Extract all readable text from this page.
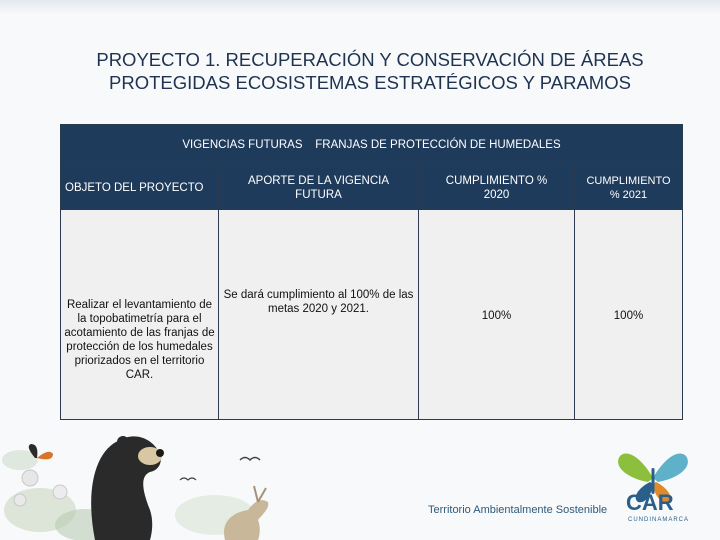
PROYECTO 1. RECUPERACIÓN Y CONSERVACIÓN DE ÁREAS
PROTEGIDAS ECOSISTEMAS ESTRATÉGICOS Y PARAMOS
VIGENCIAS FUTURAS    FRANJAS DE PROTECCIÓN DE HUMEDALES
OBJETO DEL PROYECTO
APORTE DE LA VIGENCIA FUTURA
CUMPLIMIENTO % 2020
CUMPLIMIENTO % 2021
Realizar el levantamiento de la topobatimetría para el acotamiento de las franjas de protección de los humedales priorizados en el territorio CAR.
Se dará cumplimiento al 100% de las metas 2020 y 2021.
100%	100%
Territorio Ambientalmente Sostenible CAR
CUNDINAMARCA
